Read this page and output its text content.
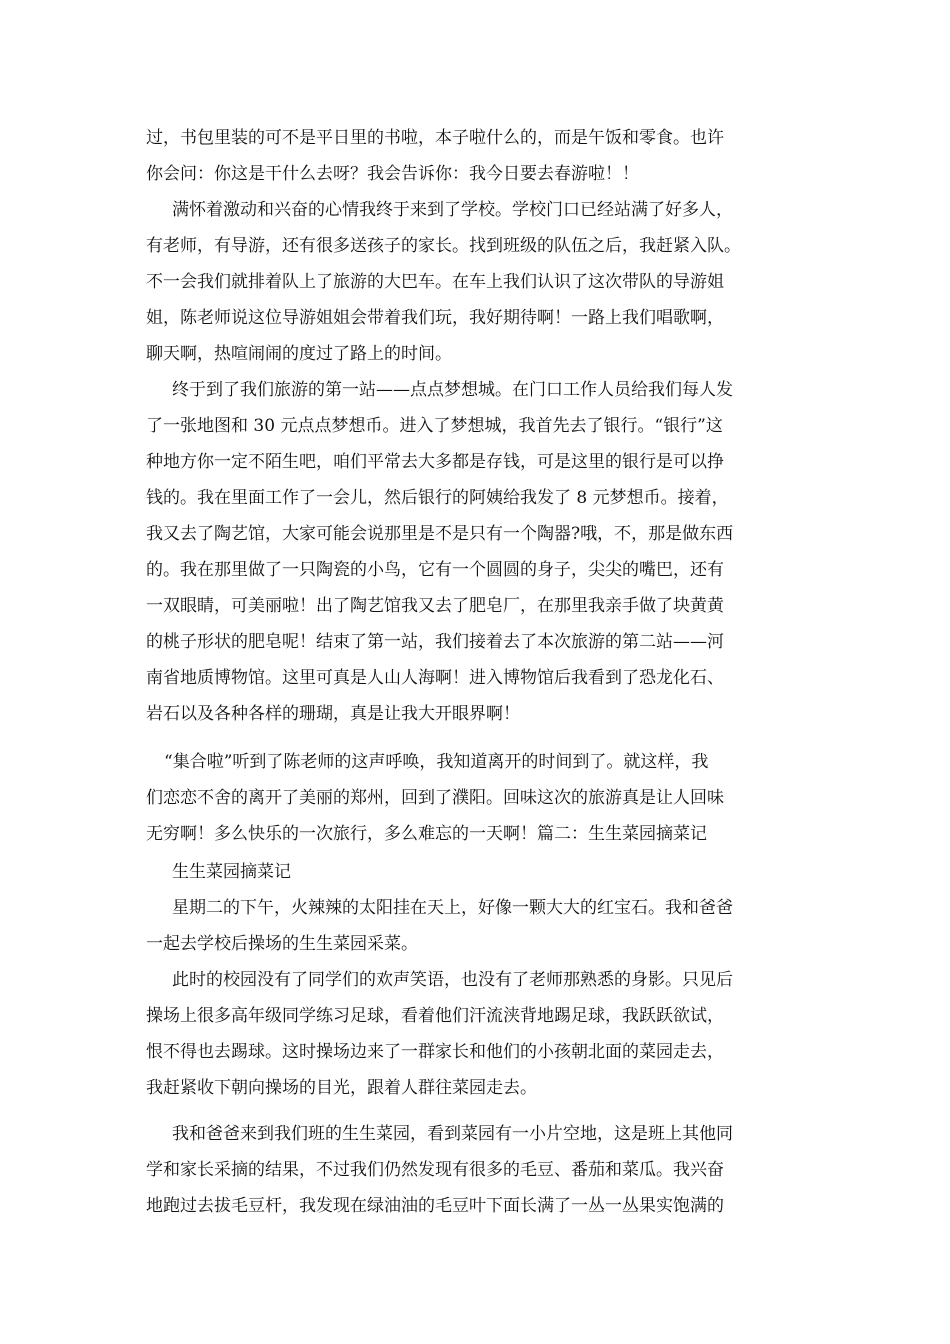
过，书包里装的可不是平日里的书啦，本子啦什么的，而是午饭和零食。也许
你会问：你这是干什么去呀？我会告诉你：我今日要去春游啦！！
满怀着激动和兴奋的心情我终于来到了学校。学校门口已经站满了好多人，
有老师，有导游，还有很多送孩子的家长。找到班级的队伍之后，我赶紧入队。
不一会我们就排着队上了旅游的大巴车。在车上我们认识了这次带队的导游姐
姐，陈老师说这位导游姐姐会带着我们玩，我好期待啊！一路上我们唱歌啊，
聊天啊，热喧闹闹的度过了路上的时间。
终于到了我们旅游的第一站——点点梦想城。在门口工作人员给我们每人发
了一张地图和 30 元点点梦想币。进入了梦想城，我首先去了银行。“银行”这
种地方你一定不陌生吧，咱们平常去大多都是存钱，可是这里的银行是可以挣
钱的。我在里面工作了一会儿，然后银行的阿姨给我发了 8 元梦想币。接着，
我又去了陶艺馆，大家可能会说那里是不是只有一个陶器?哦，不，那是做东西
的。我在那里做了一只陶瓷的小鸟，它有一个圆圆的身子，尖尖的嘴巴，还有
一双眼睛，可美丽啦！出了陶艺馆我又去了肥皂厂，在那里我亲手做了块黄黄
的桃子形状的肥皂呢！结束了第一站，我们接着去了本次旅游的第二站——河
南省地质博物馆。这里可真是人山人海啊！进入博物馆后我看到了恐龙化石、
岩石以及各种各样的珊瑚，真是让我大开眼界啊！
“集合啦”听到了陈老师的这声呼唤，我知道离开的时间到了。就这样，我
们恋恋不舍的离开了美丽的郑州，回到了濮阳。回味这次的旅游真是让人回味
无穷啊！多么快乐的一次旅行，多么难忘的一天啊！篇二：生生菜园摘菜记
生生菜园摘菜记
星期二的下午，火辣辣的太阳挂在天上，好像一颗大大的红宝石。我和爸爸
一起去学校后操场的生生菜园采菜。
此时的校园没有了同学们的欢声笑语，也没有了老师那熟悉的身影。只见后
操场上很多高年级同学练习足球，看着他们汗流浃背地踢足球，我跃跃欲试，
恨不得也去踢球。这时操场边来了一群家长和他们的小孩朝北面的菜园走去，
我赶紧收下朝向操场的目光，跟着人群往菜园走去。
我和爸爸来到我们班的生生菜园，看到菜园有一小片空地，这是班上其他同
学和家长采摘的结果，不过我们仍然发现有很多的毛豆、番茄和菜瓜。我兴奋
地跑过去拔毛豆杆，我发现在绿油油的毛豆叶下面长满了一丛一丛果实饱满的
